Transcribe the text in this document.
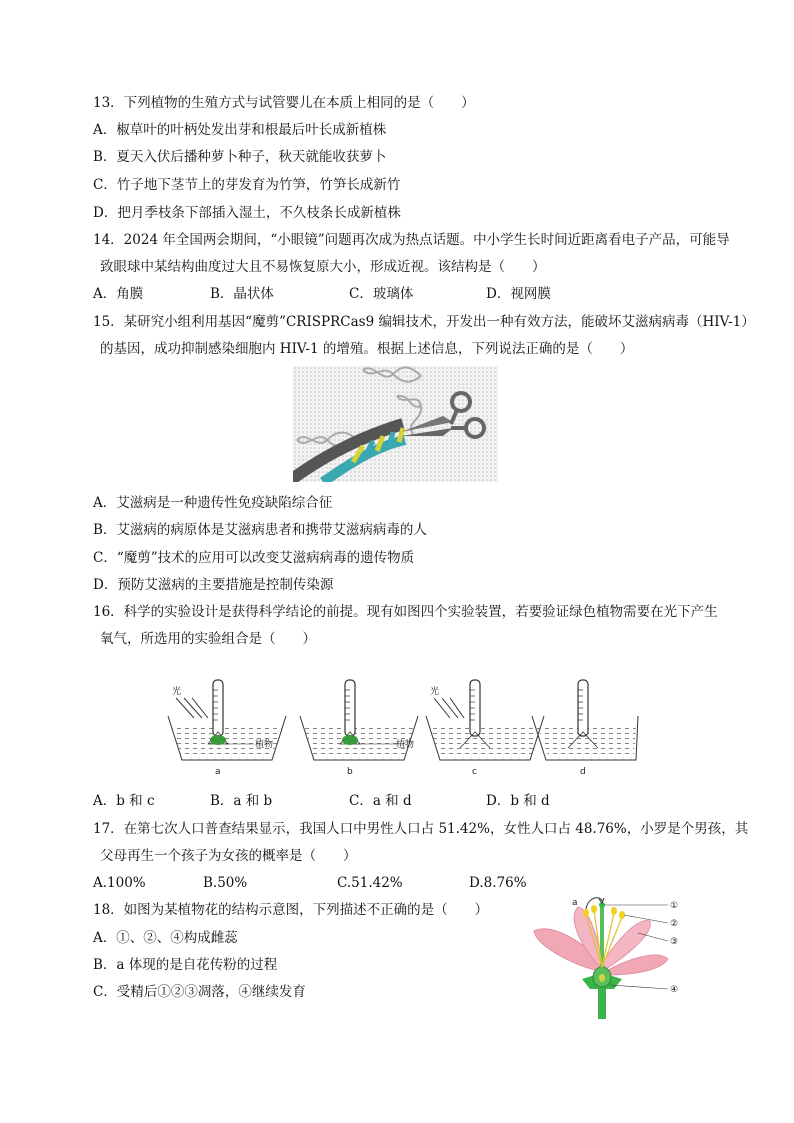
13．下列植物的生殖方式与试管婴儿在本质上相同的是（　　）
A．椒草叶的叶柄处发出芽和根最后叶长成新植株
B．夏天入伏后播种萝卜种子，秋天就能收获萝卜
C．竹子地下茎节上的芽发育为竹笋，竹笋长成新竹
D．把月季枝条下部插入湿土，不久枝条长成新植株
14．2024 年全国两会期间，“小眼镜”问题再次成为热点话题。中小学生长时间近距离看电子产品，可能导
致眼球中某结构曲度过大且不易恢复原大小，形成近视。该结构是（　　）
A．角膜	B．晶状体	C．玻璃体	D．视网膜
15．某研究小组利用基因“魔剪”CRISPRCas9 编辑技术，开发出一种有效方法，能破坏艾滋病病毒（HIV-1）
的基因，成功抑制感染细胞内 HIV-1 的增殖。根据上述信息，下列说法正确的是（　　）
A．艾滋病是一种遗传性免疫缺陷综合征
B．艾滋病的病原体是艾滋病患者和携带艾滋病病毒的人
C．“魔剪”技术的应用可以改变艾滋病病毒的遗传物质
D．预防艾滋病的主要措施是控制传染源
16．科学的实验设计是获得科学结论的前提。现有如图四个实验装置，若要验证绿色植物需要在光下产生
氧气，所选用的实验组合是（　　）
光
植物
a
植物
b
光
c	d
A．b 和 c	B．a 和 b	C．a 和 d	D．b 和 d
17．在第七次人口普查结果显示，我国人口中男性人口占 51.42%，女性人口占 48.76%，小罗是个男孩，其
父母再生一个孩子为女孩的概率是（　　）
A.100%	B.50%	C.51.42%	D.8.76%
18．如图为某植物花的结构示意图，下列描述不正确的是（　　）
A．①、②、④构成雌蕊
B．a 体现的是自花传粉的过程
C．受精后①②③凋落，④继续发育
a	①
②
③
④
